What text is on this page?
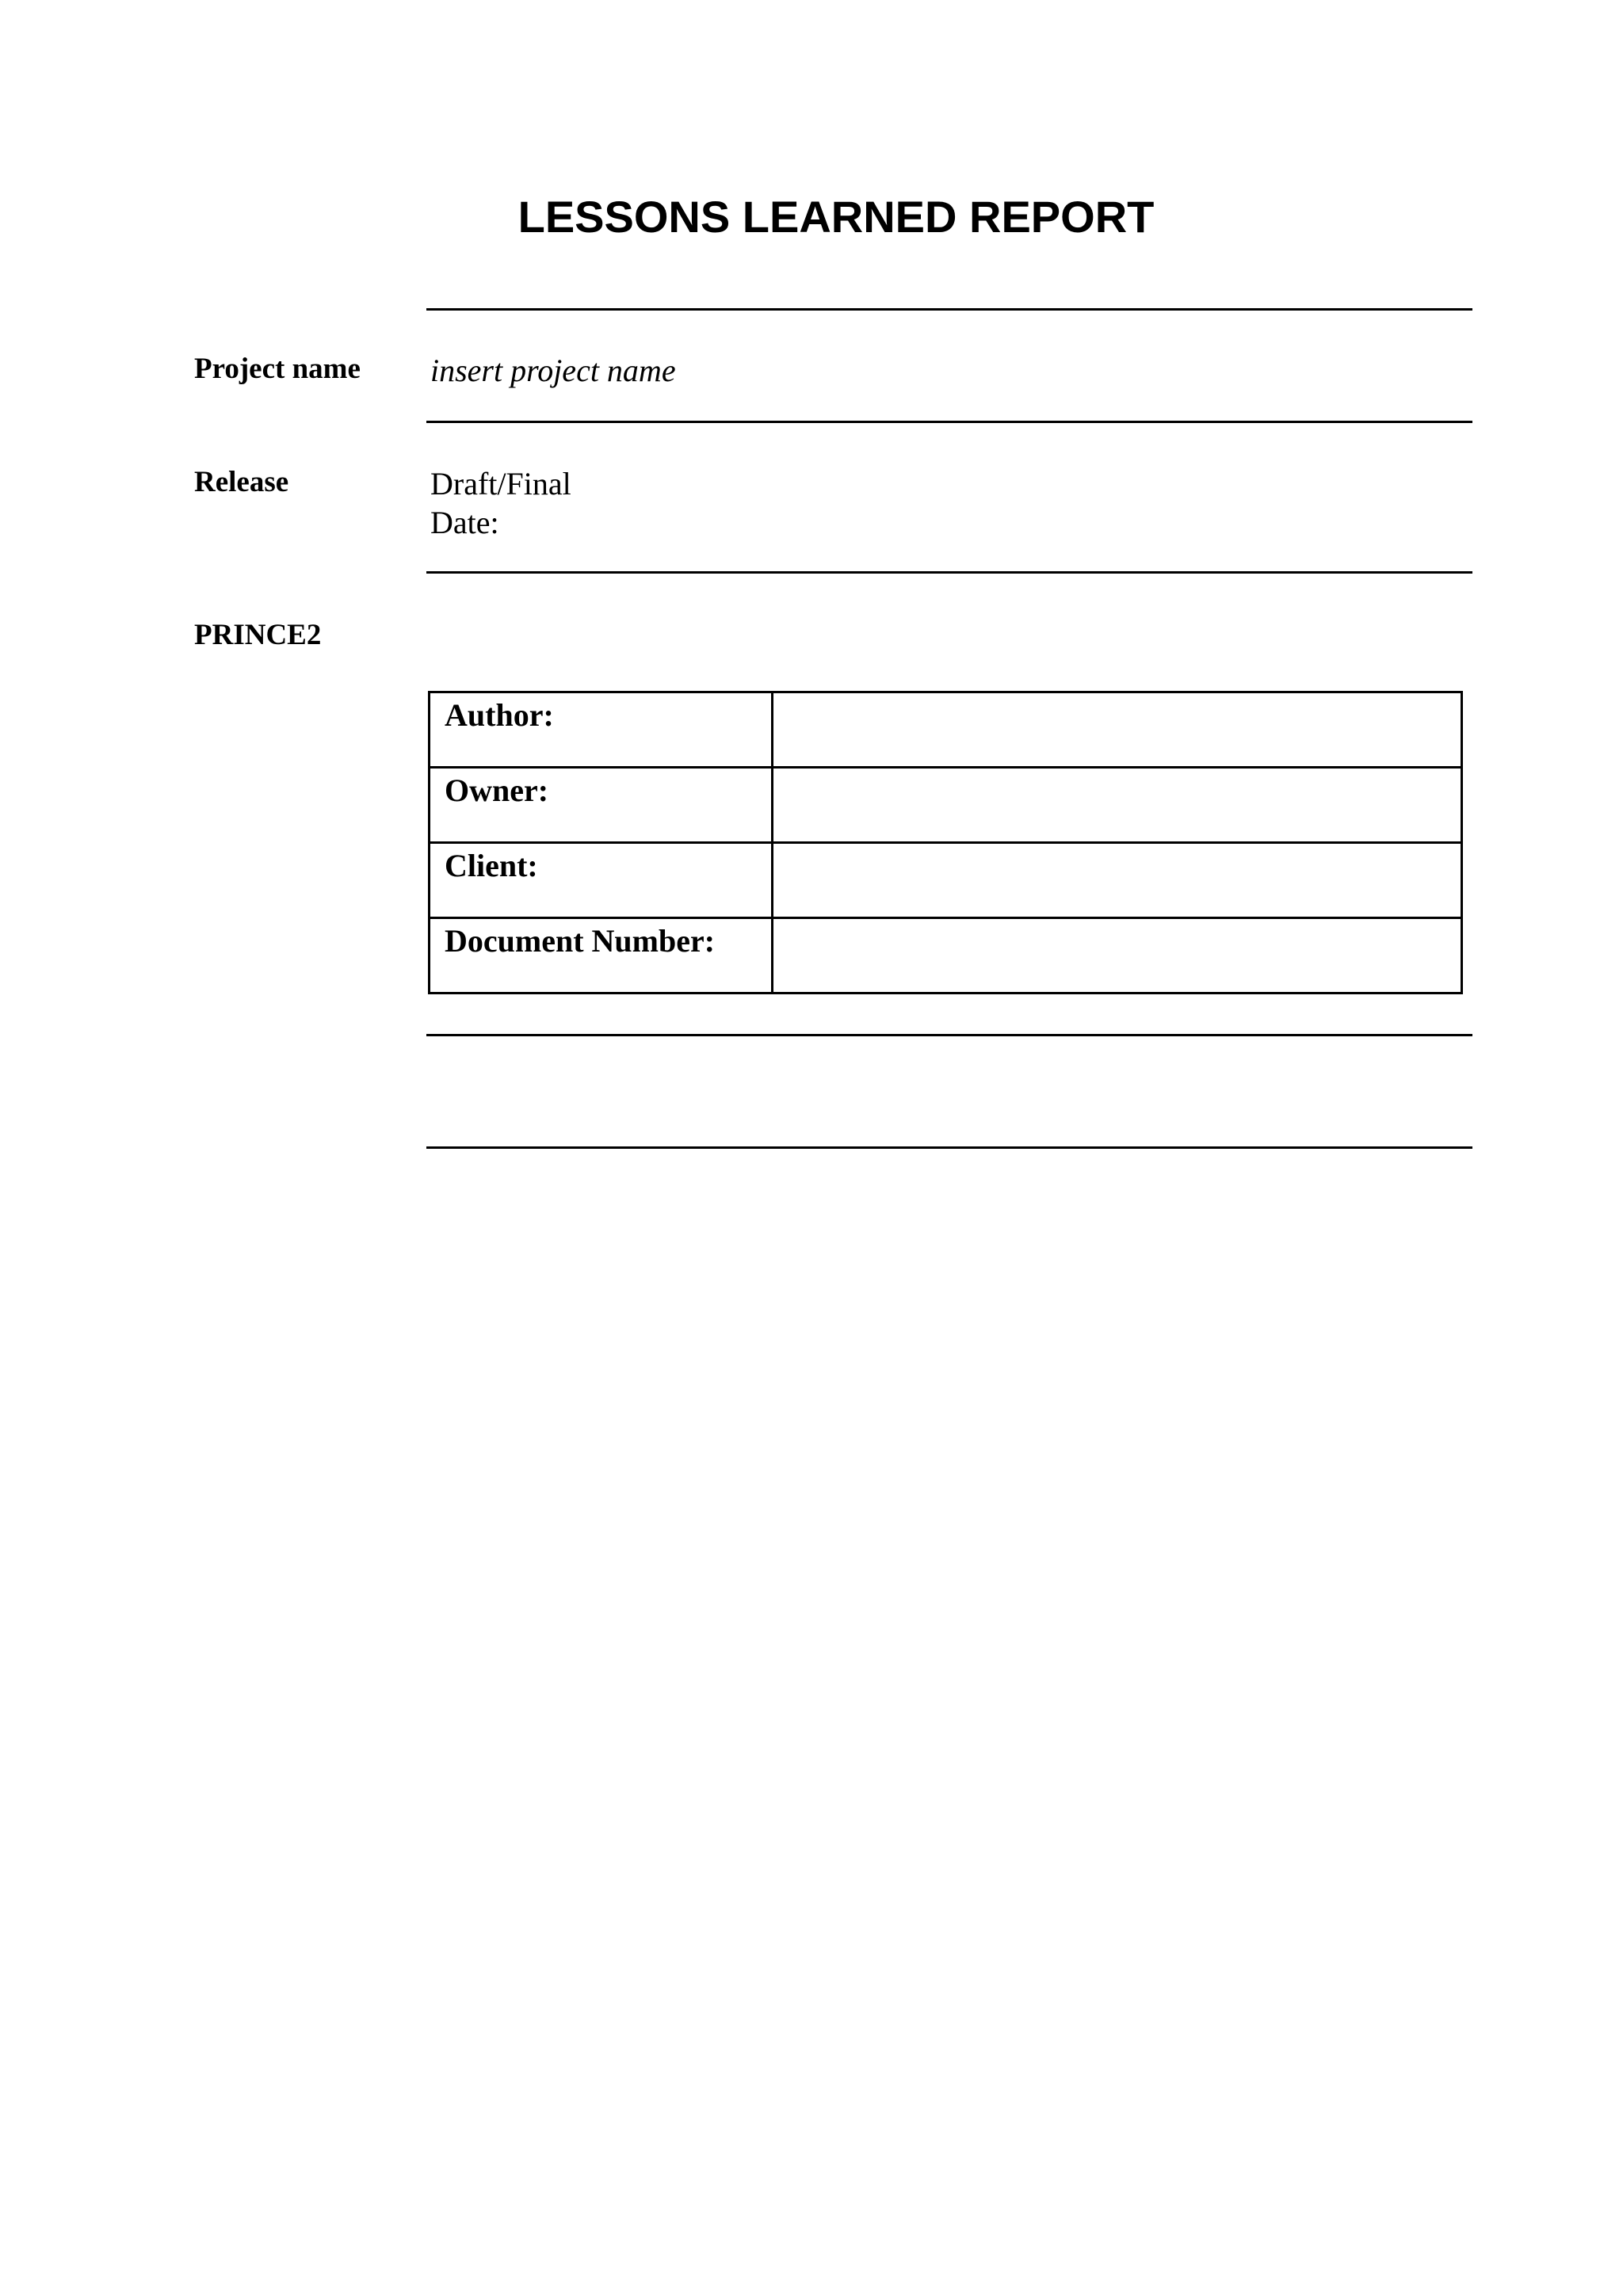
LESSONS LEARNED REPORT
Project name insert project name
Release	Draft/Final
Date:
PRINCE2
Author:	
Owner:	
Client:	
Document Number:	
